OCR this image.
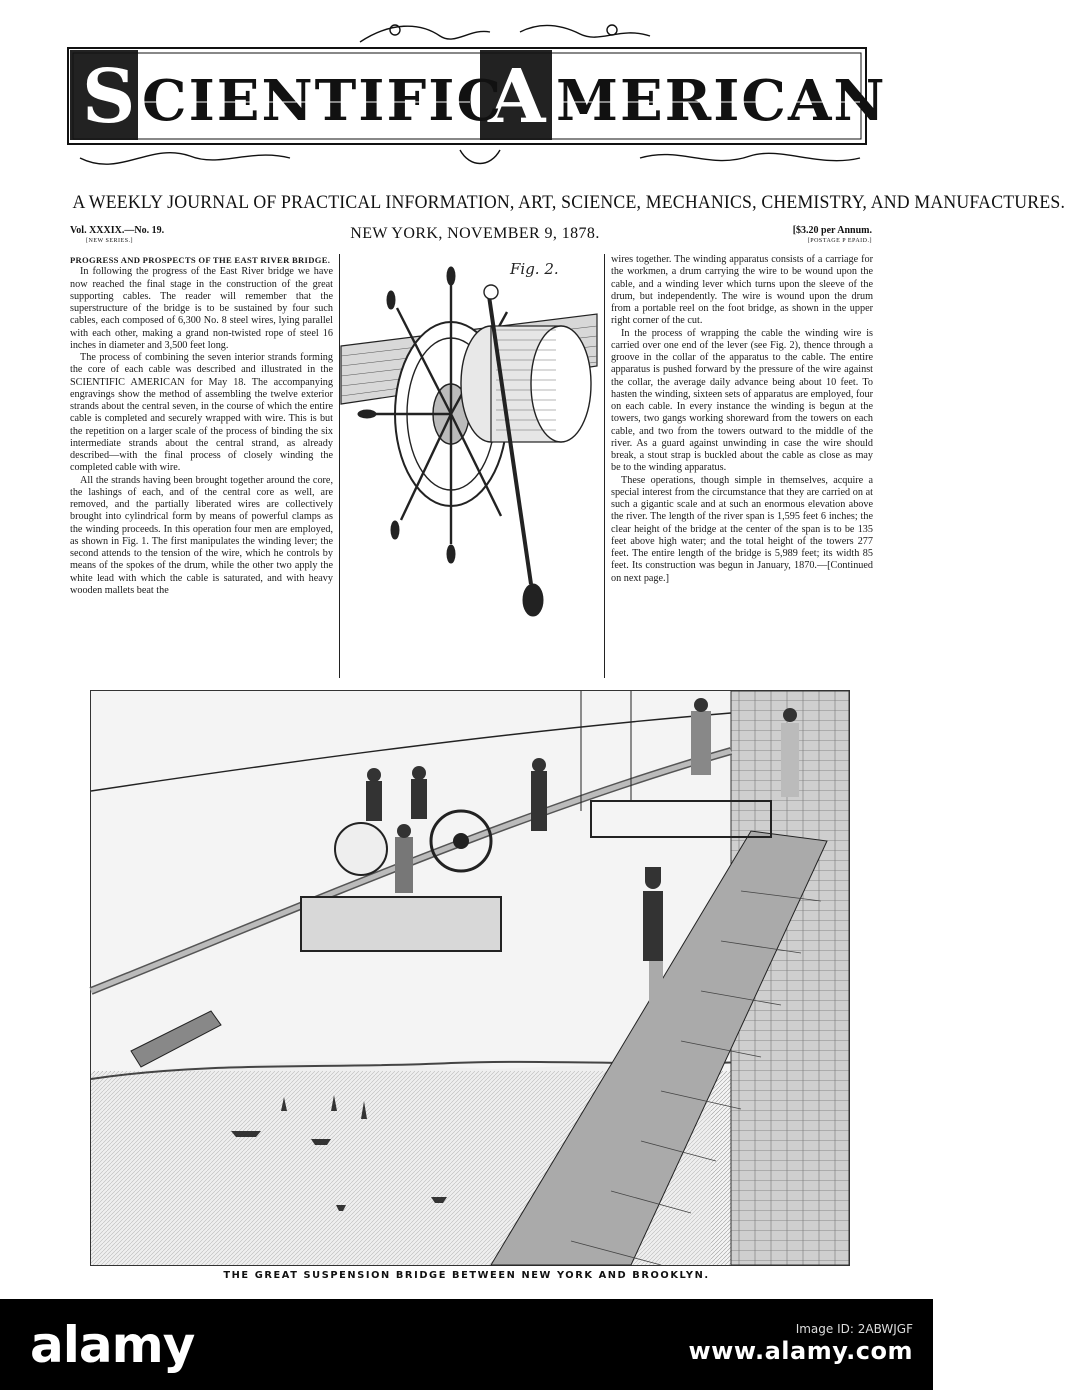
S	A
CIENTIFIC MERICAN
A WEEKLY JOURNAL OF PRACTICAL INFORMATION, ART, SCIENCE, MECHANICS, CHEMISTRY, AND MANUFACTURES.
Vol. XXXIX.—No. 19.
[NEW SERIES.]	NEW YORK, NOVEMBER 9, 1878.	[$3.20 per Annum.
[POSTAGE P EPAID.]

PROGRESS AND PROSPECTS OF THE EAST RIVER BRIDGE.

In following the progress of the East River bridge we have now reached the final stage in the construction of the great supporting cables. The reader will remember that the superstructure of the bridge is to be sustained by four such cables, each composed of 6,300 No. 8 steel wires, lying parallel with each other, making a grand non-twisted rope of steel 16 inches in diameter and 3,500 feet long.

The process of combining the seven interior strands forming the core of each cable was described and illustrated in the SCIENTIFIC AMERICAN for May 18. The accompanying engravings show the method of assembling the twelve exterior strands about the central seven, in the course of which the entire cable is completed and securely wrapped with wire. This is but the repetition on a larger scale of the process of binding the six intermediate strands about the central strand, as already described—with the final process of closely winding the completed cable with wire.

All the strands having been brought together around the core, the lashings of each, and of the central core as well, are removed, and the partially liberated wires are collectively brought into cylindrical form by means of powerful clamps as the winding proceeds. In this operation four men are employed, as shown in Fig. 1. The first manipulates the winding lever; the second attends to the tension of the wire, which he controls by means of the spokes of the drum, while the other two apply the white lead with which the cable is saturated, and with heavy wooden mallets beat the

Fig. 2.

wires together. The winding apparatus consists of a carriage for the workmen, a drum carrying the wire to be wound upon the cable, and a winding lever which turns upon the sleeve of the drum, but independently. The wire is wound upon the drum from a portable reel on the foot bridge, as shown in the upper right corner of the cut.

In the process of wrapping the cable the winding wire is carried over one end of the lever (see Fig. 2), thence through a groove in the collar of the apparatus to the cable. The entire apparatus is pushed forward by the pressure of the wire against the collar, the average daily advance being about 10 feet. To hasten the winding, sixteen sets of apparatus are employed, four on each cable. In every instance the winding is begun at the towers, two gangs working shoreward from the towers on each cable, and two from the towers outward to the middle of the river. As a guard against unwinding in case the wire should break, a stout strap is buckled about the cable as close as may be to the winding apparatus.

These operations, though simple in themselves, acquire a special interest from the circumstance that they are carried on at such a gigantic scale and at such an enormous elevation above the river. The length of the river span is 1,595 feet 6 inches; the clear height of the bridge at the center of the span is to be 135 feet above high water; and the total height of the towers 277 feet. The entire length of the bridge is 5,989 feet; its width 85 feet. Its construction was begun in January, 1870.—[Continued on next page.]

THE GREAT SUSPENSION BRIDGE BETWEEN NEW YORK AND BROOKLYN.
alamy	Image ID: 2ABWJGF
www.alamy.com
